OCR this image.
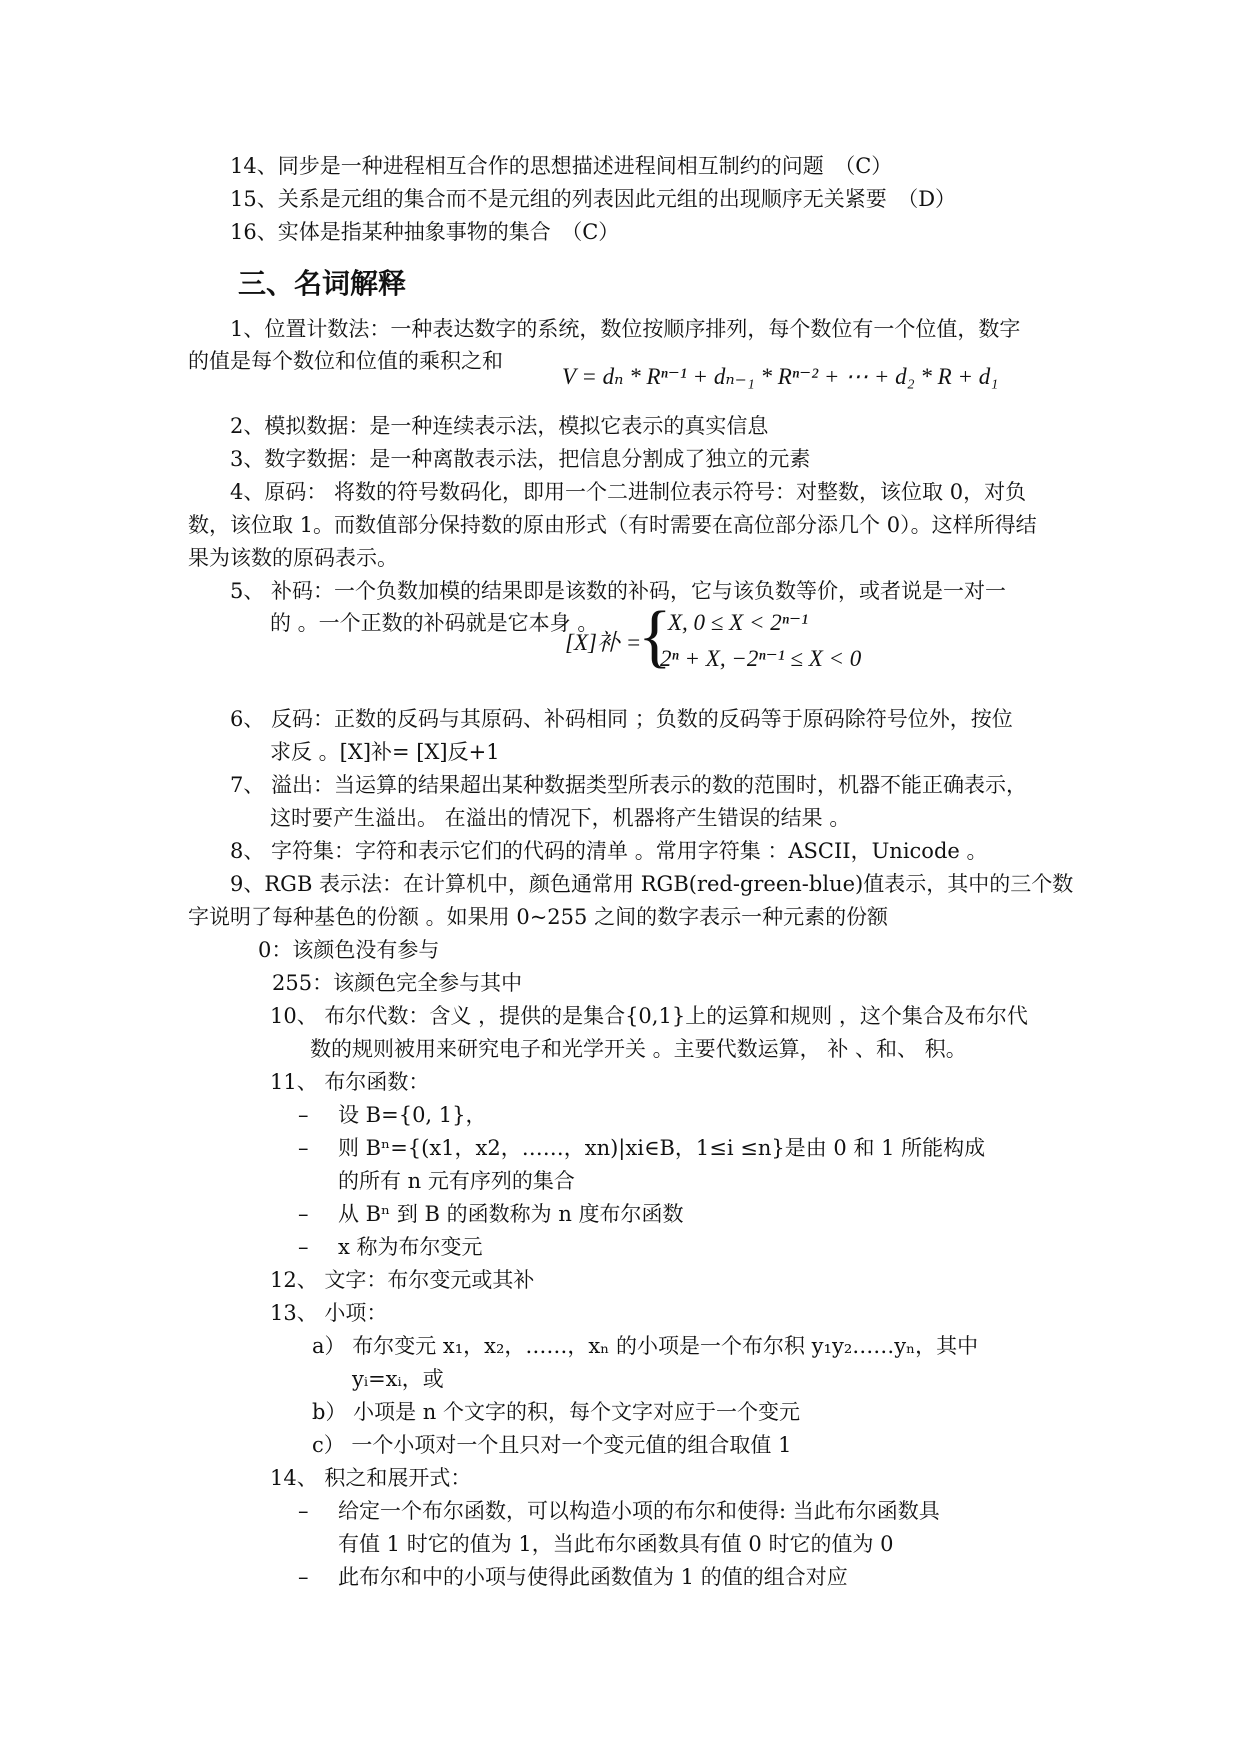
14、同步是一种进程相互合作的思想描述进程间相互制约的问题　（C）
15、关系是元组的集合而不是元组的列表因此元组的出现顺序无关紧要　（D）
16、实体是指某种抽象事物的集合　（C）
三、名词解释
1、位置计数法：一种表达数字的系统，数位按顺序排列，每个数位有一个位值，数字
的值是每个数位和位值的乘积之和
V = dₙ * Rⁿ⁻¹ + dₙ₋₁ * Rⁿ⁻² + ⋯ + d₂ * R + d₁
2、模拟数据：是一种连续表示法，模拟它表示的真实信息
3、数字数据：是一种离散表示法，把信息分割成了独立的元素
4、原码： 将数的符号数码化，即用一个二进制位表示符号：对整数，该位取 0，对负
数，该位取 1。而数值部分保持数的原由形式（有时需要在高位部分添几个 0）。这样所得结
果为该数的原码表示。
5、 补码：一个负数加模的结果即是该数的补码，它与该负数等价，或者说是一对一
的 。一个正数的补码就是它本身 。
[X]补 =
{
X, 0 ≤ X < 2ⁿ⁻¹
2ⁿ + X, −2ⁿ⁻¹ ≤ X < 0
6、 反码：正数的反码与其原码、补码相同 ；负数的反码等于原码除符号位外，按位
求反 。[X]补= [X]反+1
7、 溢出：当运算的结果超出某种数据类型所表示的数的范围时，机器不能正确表示，
这时要产生溢出。 在溢出的情况下，机器将产生错误的结果 。
8、 字符集：字符和表示它们的代码的清单 。常用字符集 ：ASCII，Unicode 。
9、RGB 表示法：在计算机中，颜色通常用 RGB(red-green-blue)值表示，其中的三个数
字说明了每种基色的份额 。如果用 0~255 之间的数字表示一种元素的份额
0：该颜色没有参与
255：该颜色完全参与其中
10、 布尔代数：含义 ，提供的是集合{0,1}上的运算和规则 ，这个集合及布尔代
数的规则被用来研究电子和光学开关 。主要代数运算， 补 、和、 积。
11、 布尔函数：
– 设 B={0, 1}，
– 则 Bⁿ={(x1，x2，……，xn)|xi∈B，1≤i ≤n}是由 0 和 1 所能构成
的所有 n 元有序列的集合
– 从 Bⁿ 到 B 的函数称为 n 度布尔函数
– x 称为布尔变元
12、 文字：布尔变元或其补
13、 小项：
a） 布尔变元 x₁，x₂，……，xₙ 的小项是一个布尔积 y₁y₂……yₙ，其中
yᵢ=xᵢ，或
b） 小项是 n 个文字的积，每个文字对应于一个变元
c） 一个小项对一个且只对一个变元值的组合取值 1
14、 积之和展开式：
– 给定一个布尔函数，可以构造小项的布尔和使得: 当此布尔函数具
有值 1 时它的值为 1，当此布尔函数具有值 0 时它的值为 0
– 此布尔和中的小项与使得此函数值为 1 的值的组合对应
